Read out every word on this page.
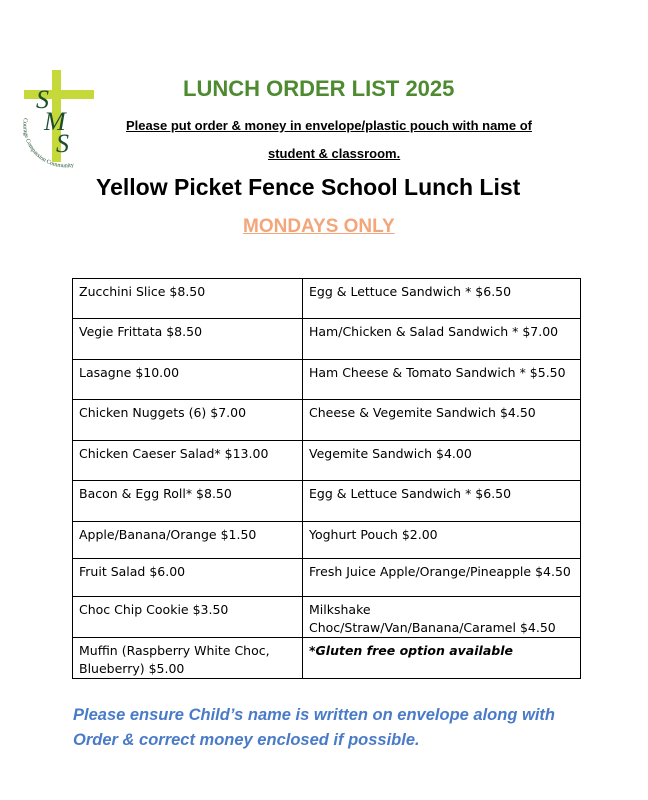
S
M
S
Courage Compassion Community
LUNCH ORDER LIST 2025
Please put order & money in envelope/plastic pouch with name of
student & classroom.
Yellow Picket Fence School Lunch List
MONDAYS ONLY
Zucchini Slice $8.50	Egg & Lettuce Sandwich * $6.50
Vegie Frittata $8.50	Ham/Chicken & Salad Sandwich * $7.00
Lasagne $10.00	Ham Cheese & Tomato Sandwich * $5.50
Chicken Nuggets (6) $7.00	Cheese & Vegemite Sandwich $4.50
Chicken Caeser Salad* $13.00	Vegemite Sandwich $4.00
Bacon & Egg Roll* $8.50	Egg & Lettuce Sandwich * $6.50
Apple/Banana/Orange $1.50	Yoghurt Pouch $2.00
Fruit Salad $6.00	Fresh Juice Apple/Orange/Pineapple $4.50
Choc Chip Cookie $3.50	Milkshake Choc/Straw/Van/Banana/Caramel $4.50
Muffin (Raspberry White Choc, Blueberry) $5.00	*Gluten free option available
Please ensure Child’s name is written on envelope along with Order & correct money enclosed if possible.
